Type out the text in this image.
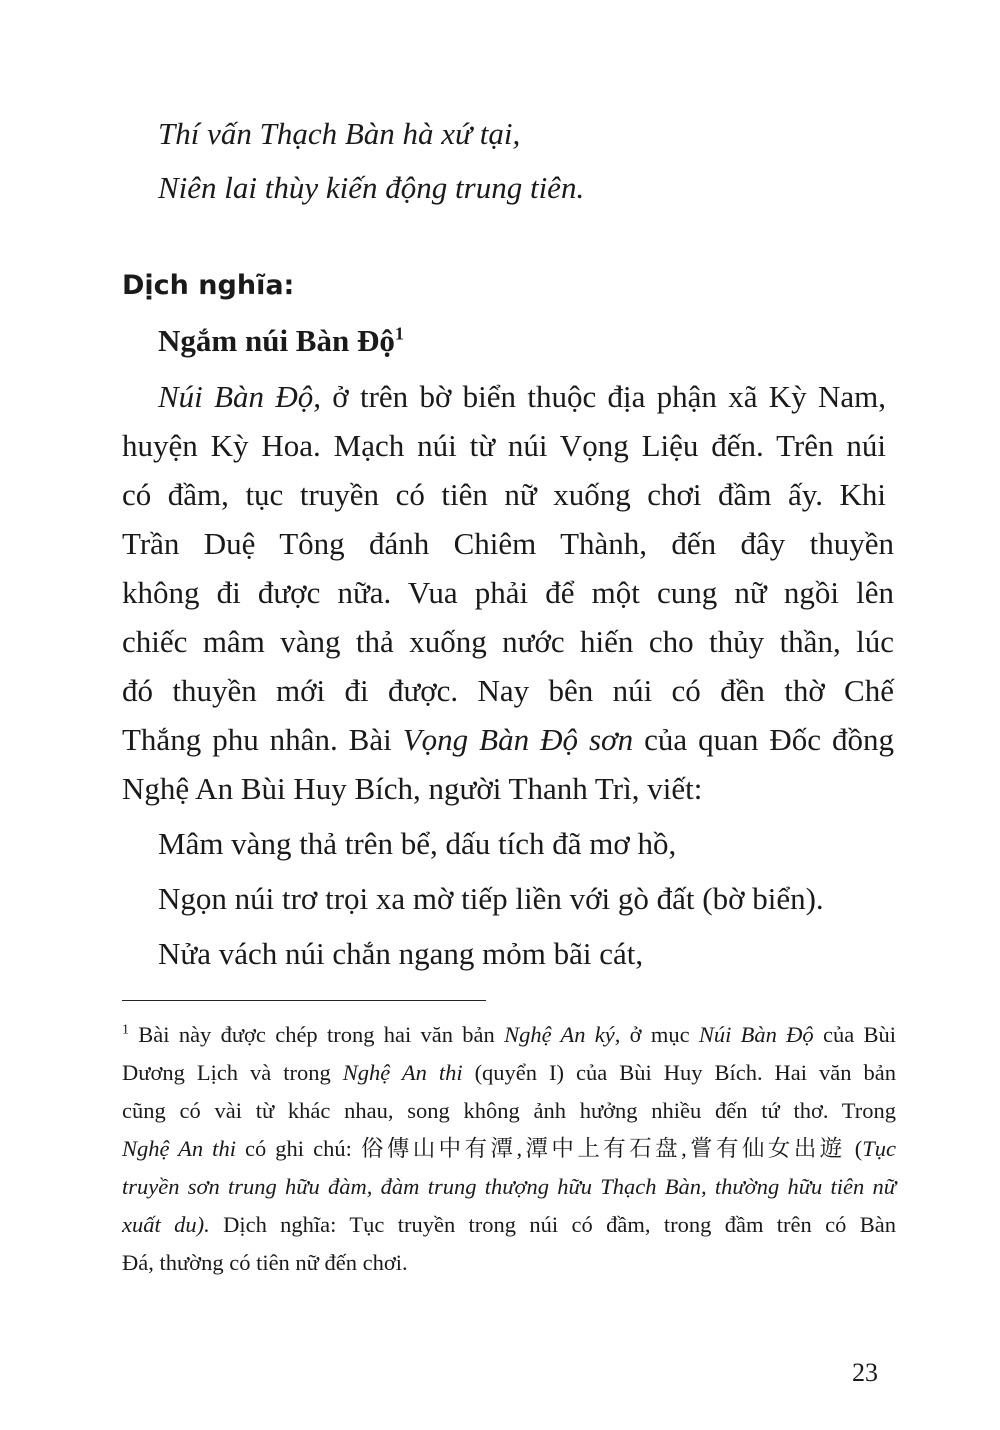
Thí vấn Thạch Bàn hà xứ tại,
Niên lai thùy kiến động trung tiên.
Dịch nghĩa:
Ngắm núi Bàn Độ$^1$
Núi Bàn Độ, ở trên bờ biển thuộc địa phận xã Kỳ Nam,
huyện Kỳ Hoa. Mạch núi từ núi Vọng Liệu đến. Trên núi
có đầm, tục truyền có tiên nữ xuống chơi đầm ấy. Khi
Trần Duệ Tông đánh Chiêm Thành, đến đây thuyền
không đi được nữa. Vua phải để một cung nữ ngồi lên
chiếc mâm vàng thả xuống nước hiến cho thủy thần, lúc
đó thuyền mới đi được. Nay bên núi có đền thờ Chế
Thắng phu nhân. Bài Vọng Bàn Độ sơn của quan Đốc đồng
Nghệ An Bùi Huy Bích, người Thanh Trì, viết:
Mâm vàng thả trên bể, dấu tích đã mơ hồ,
Ngọn núi trơ trọi xa mờ tiếp liền với gò đất (bờ biển).
Nửa vách núi chắn ngang mỏm bãi cát,
$^1$ Bài này được chép trong hai văn bản Nghệ An ký, ở mục Núi Bàn Độ của Bùi
Dương Lịch và trong Nghệ An thi (quyển I) của Bùi Huy Bích. Hai văn bản
cũng có vài từ khác nhau, song không ảnh hưởng nhiều đến tứ thơ. Trong
Nghệ An thi có ghi chú: 俗傳山中有潭,潭中上有石盘,嘗有仙女出遊 (Tục
truyền sơn trung hữu đàm, đàm trung thượng hữu Thạch Bàn, thường hữu tiên nữ
xuất du). Dịch nghĩa: Tục truyền trong núi có đầm, trong đầm trên có Bàn
Đá, thường có tiên nữ đến chơi.
23
